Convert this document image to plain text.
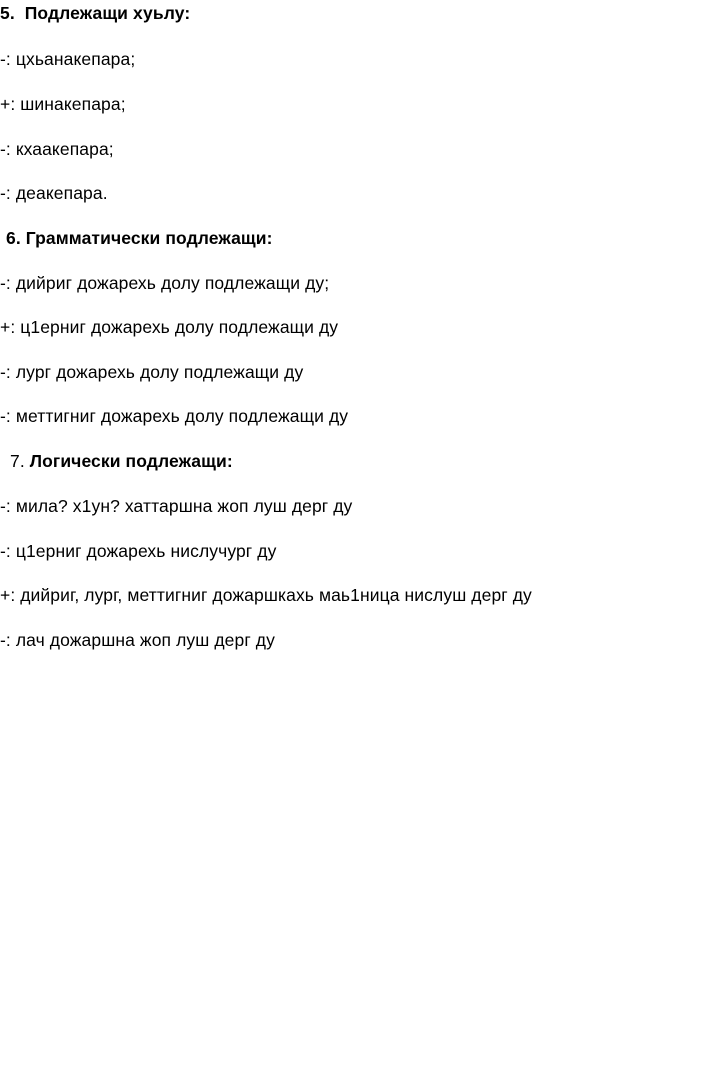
5. Подлежащи хуьлу:
-: цхьанакепара;
+: шинакепара;
-: кхаакепара;
-: деакепара.
6. Грамматически подлежащи:
-: дийриг дожарехь долу подлежащи ду;
+: ц1ерниг дожарехь долу подлежащи ду
-: лург дожарехь долу подлежащи ду
-: меттигниг дожарехь долу подлежащи ду
7. Логически подлежащи:
-: мила? х1ун? хаттаршна жоп луш дерг ду
-: ц1ерниг дожарехь нислучург ду
+: дийриг, лург, меттигниг дожаршкахь маь1ница нислуш дерг ду
-: лач дожаршна жоп луш дерг ду
